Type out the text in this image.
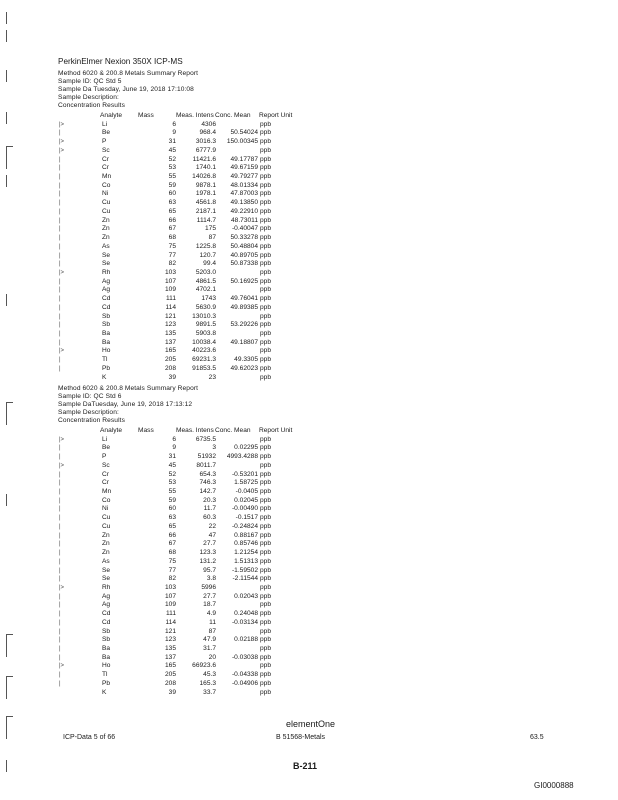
PerkinElmer Nexion 350X ICP-MS
Method 6020 & 200.8 Metals Summary Report
Sample ID: QC Std 5
Sample Da Tuesday, June 19, 2018 17:10:08
Sample Description:
Concentration Results
Analyte Mass	Meas. Intens Conc. Mean Report Unit
|>	Li	6	4306	ppb
|	Be	9	968.4	50.54024 ppb
|>	P	31	3016.3	150.00345 ppb
|>	Sc	45	6777.9	ppb
|	Cr	52	11421.6	49.17787 ppb
|	Cr	53	1740.1	49.67159 ppb
|	Mn	55	14026.8	49.79277 ppb
|	Co	59	9878.1	48.01334 ppb
|	Ni	60	1978.1	47.87003 ppb
|	Cu	63	4561.8	49.13850 ppb
|	Cu	65	2187.1	49.22910 ppb
|	Zn	66	1114.7	48.73011 ppb
|	Zn	67	175	-0.40047 ppb
|	Zn	68	87	50.33278 ppb
|	As	75	1225.8	50.48804 ppb
|	Se	77	120.7	40.89705 ppb
|	Se	82	99.4	50.87338 ppb
|>	Rh	103	5203.0	ppb
|	Ag	107	4861.5	50.16925 ppb
|	Ag	109	4702.1	ppb
|	Cd	111	1743	49.76041 ppb
|	Cd	114	5630.9	49.89385 ppb
|	Sb	121	13010.3	ppb
|	Sb	123	9891.5	53.29226 ppb
|	Ba	135	5903.8	ppb
|	Ba	137	10038.4	49.18807 ppb
|>	Ho	165	40223.6	ppb
|	Tl	205	69231.3	49.3305 ppb
|	Pb	208	91853.5	49.62023 ppb
K	39	23	ppb
Method 6020 & 200.8 Metals Summary Report
Sample ID: QC Std 6
Sample DaTuesday, June 19, 2018 17:13:12
Sample Description:
Concentration Results
Analyte Mass	Meas. Intens Conc. Mean Report Unit
|>	Li	6	6735.5	ppb
|	Be	9	3	0.02295 ppb
|	P	31	51932	4993.4288 ppb
|>	Sc	45	8011.7	ppb
|	Cr	52	654.3	-0.53201 ppb
|	Cr	53	746.3	1.58725 ppb
|	Mn	55	142.7	-0.0405 ppb
|	Co	59	20.3	0.02045 ppb
|	Ni	60	11.7	-0.00490 ppb
|	Cu	63	60.3	-0.1517 ppb
|	Cu	65	22	-0.24824 ppb
|	Zn	66	47	0.88167 ppb
|	Zn	67	27.7	0.85746 ppb
|	Zn	68	123.3	1.21254 ppb
|	As	75	131.2	1.51313 ppb
|	Se	77	95.7	-1.59502 ppb
|	Se	82	3.8	-2.11544 ppb
|>	Rh	103	5996	ppb
|	Ag	107	27.7	0.02043 ppb
|	Ag	109	18.7	ppb
|	Cd	111	4.9	0.24048 ppb
|	Cd	114	11	-0.03134 ppb
|	Sb	121	87	ppb
|	Sb	123	47.9	0.02188 ppb
|	Ba	135	31.7	ppb
|	Ba	137	20	-0.03038 ppb
|>	Ho	165	66923.6	ppb
|	Tl	205	45.3	-0.04338 ppb
|	Pb	208	165.3	-0.04906 ppb
K	39	33.7	ppb
elementOne
ICP-Data 5 of 66	B 51568-Metals	63.5
B-211
GI0000888
